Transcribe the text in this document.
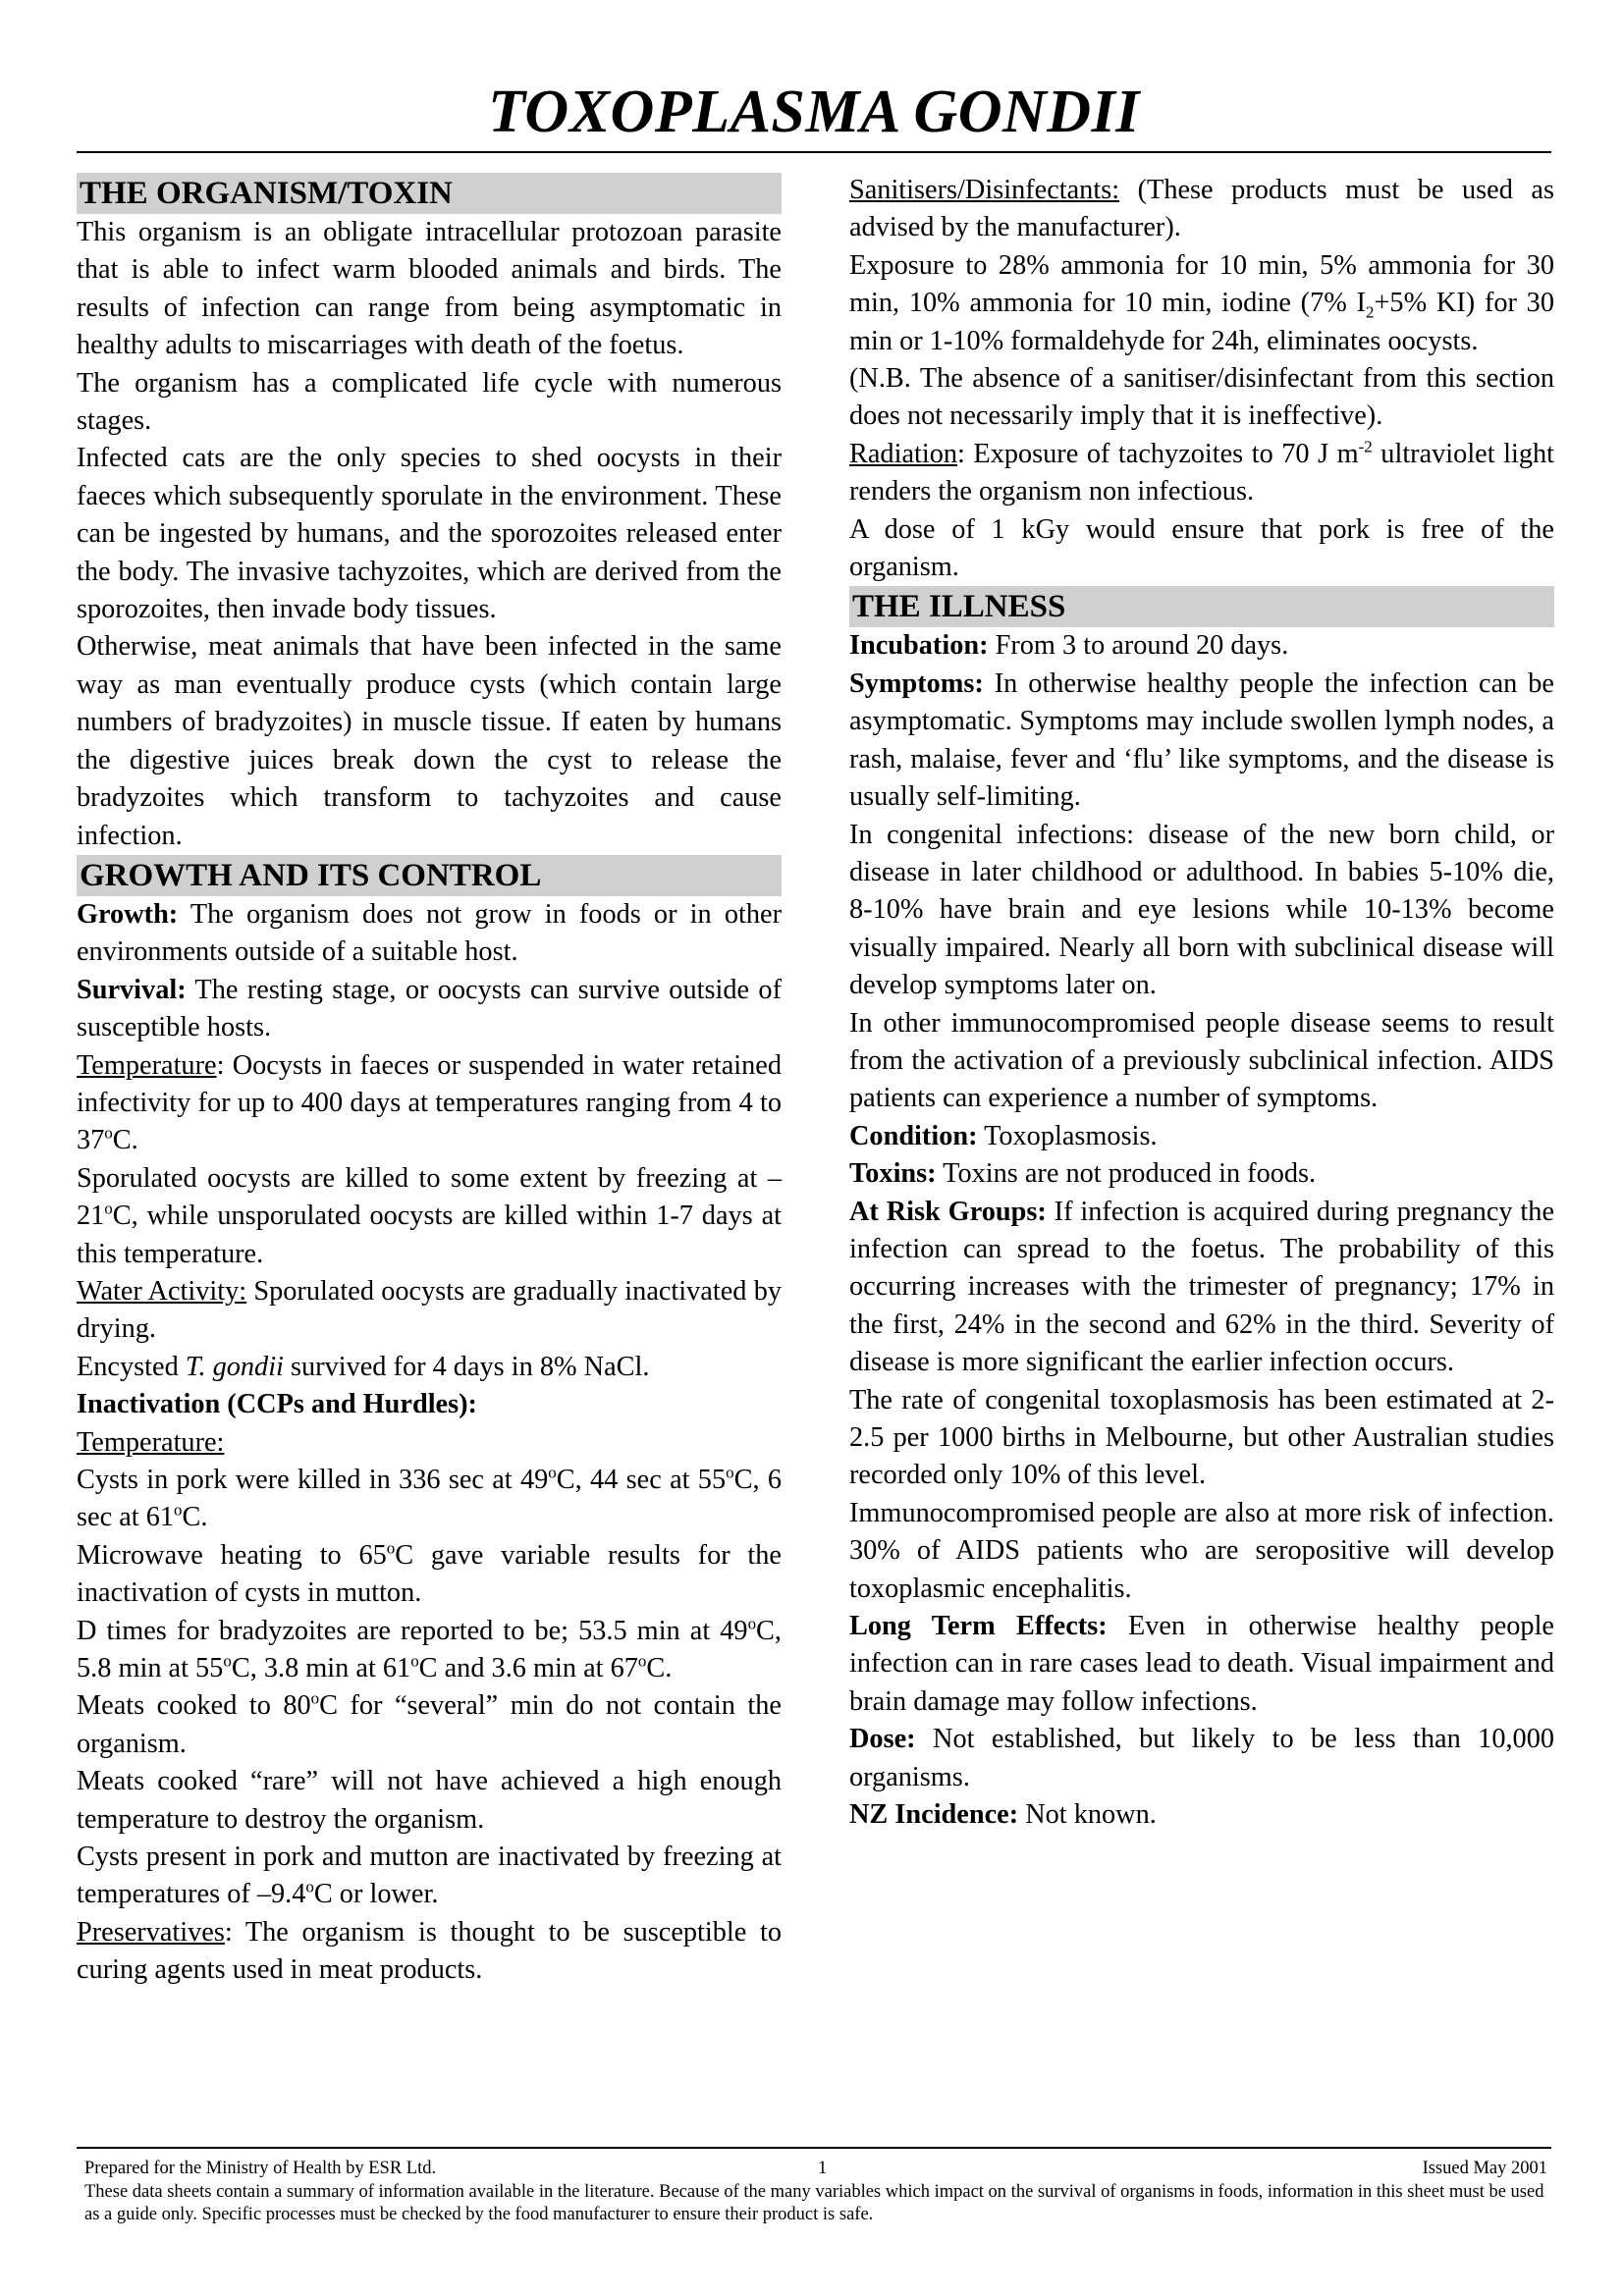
TOXOPLASMA GONDII
THE ORGANISM/TOXIN

This organism is an obligate intracellular protozoan parasite that is able to infect warm blooded animals and birds. The results of infection can range from being asymptomatic in healthy adults to miscarriages with death of the foetus.

The organism has a complicated life cycle with numerous stages.

Infected cats are the only species to shed oocysts in their faeces which subsequently sporulate in the environment. These can be ingested by humans, and the sporozoites released enter the body. The invasive tachyzoites, which are derived from the sporozoites, then invade body tissues.

Otherwise, meat animals that have been infected in the same way as man eventually produce cysts (which contain large numbers of bradyzoites) in muscle tissue. If eaten by humans the digestive juices break down the cyst to release the bradyzoites which transform to tachyzoites and cause infection.

GROWTH AND ITS CONTROL

Growth: The organism does not grow in foods or in other environments outside of a suitable host.

Survival: The resting stage, or oocysts can survive outside of susceptible hosts.

Temperature: Oocysts in faeces or suspended in water retained infectivity for up to 400 days at temperatures ranging from 4 to 37$^o$C.

Sporulated oocysts are killed to some extent by freezing at –21$^o$C, while unsporulated oocysts are killed within 1-7 days at this temperature.

Water Activity: Sporulated oocysts are gradually inactivated by drying.

Encysted T. gondii survived for 4 days in 8% NaCl.

Inactivation (CCPs and Hurdles):

Temperature:

Cysts in pork were killed in 336 sec at 49$^o$C, 44 sec at 55$^o$C, 6 sec at 61$^o$C.

Microwave heating to 65$^o$C gave variable results for the inactivation of cysts in mutton.

D times for bradyzoites are reported to be; 53.5 min at 49$^o$C, 5.8 min at 55$^o$C, 3.8 min at 61$^o$C and 3.6 min at 67$^o$C.

Meats cooked to 80$^o$C for “several” min do not contain the organism.

Meats cooked “rare” will not have achieved a high enough temperature to destroy the organism.

Cysts present in pork and mutton are inactivated by freezing at temperatures of –9.4$^o$C or lower.

Preservatives: The organism is thought to be susceptible to curing agents used in meat products.

Sanitisers/Disinfectants: (These products must be used as advised by the manufacturer).

Exposure to 28% ammonia for 10 min, 5% ammonia for 30 min, 10% ammonia for 10 min, iodine (7% $I_2+5\%$ KI) for 30 min or 1-10% formaldehyde for 24h, eliminates oocysts.

(N.B. The absence of a sanitiser/disinfectant from this section does not necessarily imply that it is ineffective).

Radiation: Exposure of tachyzoites to 70 J $m^{-2}$ ultraviolet light renders the organism non infectious.

A dose of 1 kGy would ensure that pork is free of the organism.

THE ILLNESS

Incubation: From 3 to around 20 days.

Symptoms: In otherwise healthy people the infection can be asymptomatic. Symptoms may include swollen lymph nodes, a rash, malaise, fever and ‘flu’ like symptoms, and the disease is usually self-limiting.

In congenital infections: disease of the new born child, or disease in later childhood or adulthood. In babies 5-10% die, 8-10% have brain and eye lesions while 10-13% become visually impaired. Nearly all born with subclinical disease will develop symptoms later on.

In other immunocompromised people disease seems to result from the activation of a previously subclinical infection. AIDS patients can experience a number of symptoms.

Condition: Toxoplasmosis.

Toxins: Toxins are not produced in foods.

At Risk Groups: If infection is acquired during pregnancy the infection can spread to the foetus. The probability of this occurring increases with the trimester of pregnancy; 17% in the first, 24% in the second and 62% in the third. Severity of disease is more significant the earlier infection occurs.

The rate of congenital toxoplasmosis has been estimated at 2-2.5 per 1000 births in Melbourne, but other Australian studies recorded only 10% of this level.

Immunocompromised people are also at more risk of infection. 30% of AIDS patients who are seropositive will develop toxoplasmic encephalitis.

Long Term Effects: Even in otherwise healthy people infection can in rare cases lead to death. Visual impairment and brain damage may follow infections.

Dose: Not established, but likely to be less than 10,000 organisms.

NZ Incidence: Not known.

Prepared for the Ministry of Health by ESR Ltd.	1	Issued May 2001

These data sheets contain a summary of information available in the literature. Because of the many variables which impact on the survival of organisms in foods, information in this sheet must be used as a guide only. Specific processes must be checked by the food manufacturer to ensure their product is safe.
